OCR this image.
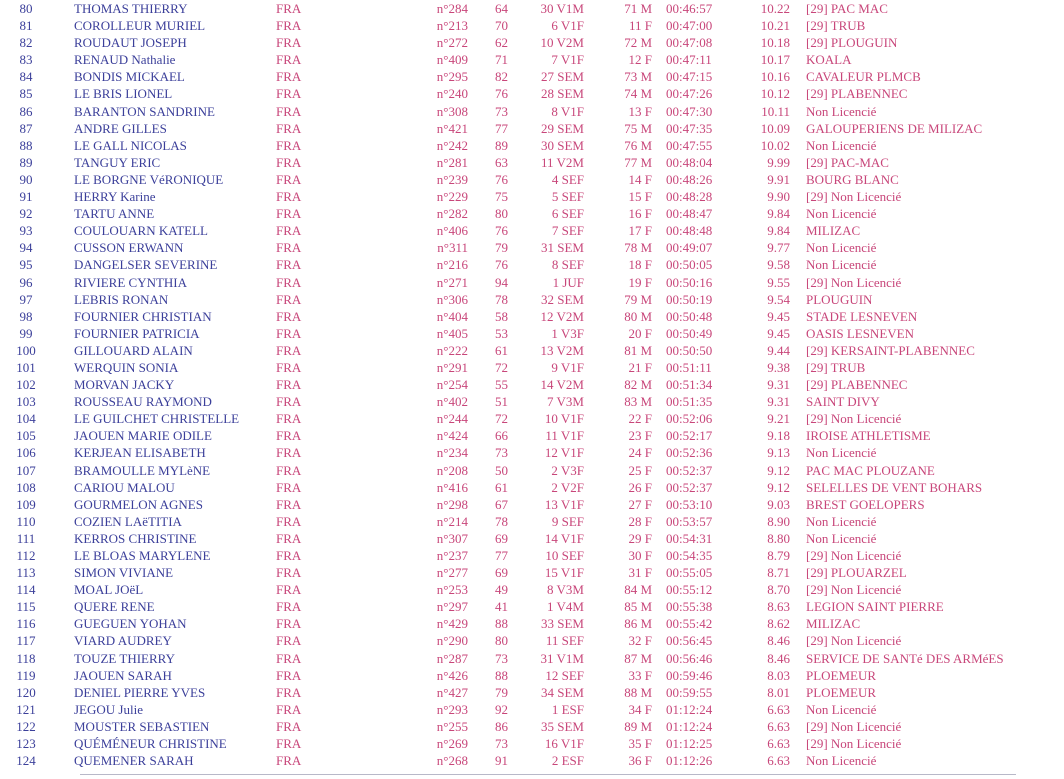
80	THOMAS THIERRY	FRA	n°284	64	30 V1M	71 M 00:46:57	10.22 [29] PAC MAC
81	COROLLEUR MURIEL	FRA	n°213	70	6 V1F	11 F 00:47:00	10.21 [29] TRUB
82	ROUDAUT JOSEPH	FRA	n°272	62	10 V2M	72 M 00:47:08	10.18 [29] PLOUGUIN
83	RENAUD Nathalie	FRA	n°409	71	7 V1F	12 F 00:47:11	10.17 KOALA
84	BONDIS MICKAEL	FRA	n°295	82	27 SEM	73 M 00:47:15	10.16 CAVALEUR PLMCB
85	LE BRIS LIONEL	FRA	n°240	76	28 SEM	74 M 00:47:26	10.12 [29] PLABENNEC
86	BARANTON SANDRINE	FRA	n°308	73	8 V1F	13 F 00:47:30	10.11 Non Licencié
87	ANDRE GILLES	FRA	n°421	77	29 SEM	75 M 00:47:35	10.09 GALOUPERIENS DE MILIZAC
88	LE GALL NICOLAS	FRA	n°242	89	30 SEM	76 M 00:47:55	10.02 Non Licencié
89	TANGUY ERIC	FRA	n°281	63	11 V2M	77 M 00:48:04	9.99 [29] PAC-MAC
90	LE BORGNE VéRONIQUE	FRA	n°239	76	4 SEF	14 F 00:48:26	9.91 BOURG BLANC
91	HERRY Karine	FRA	n°229	75	5 SEF	15 F 00:48:28	9.90 [29] Non Licencié
92	TARTU ANNE	FRA	n°282	80	6 SEF	16 F 00:48:47	9.84 Non Licencié
93	COULOUARN KATELL	FRA	n°406	76	7 SEF	17 F 00:48:48	9.84 MILIZAC
94	CUSSON ERWANN	FRA	n°311	79	31 SEM	78 M 00:49:07	9.77 Non Licencié
95	DANGELSER SEVERINE	FRA	n°216	76	8 SEF	18 F 00:50:05	9.58 Non Licencié
96	RIVIERE CYNTHIA	FRA	n°271	94	1 JUF	19 F 00:50:16	9.55 [29] Non Licencié
97	LEBRIS RONAN	FRA	n°306	78	32 SEM	79 M 00:50:19	9.54 PLOUGUIN
98	FOURNIER CHRISTIAN	FRA	n°404	58	12 V2M	80 M 00:50:48	9.45 STADE LESNEVEN
99	FOURNIER PATRICIA	FRA	n°405	53	1 V3F	20 F 00:50:49	9.45 OASIS LESNEVEN
100	GILLOUARD ALAIN	FRA	n°222	61	13 V2M	81 M 00:50:50	9.44 [29] KERSAINT-PLABENNEC
101	WERQUIN SONIA	FRA	n°291	72	9 V1F	21 F 00:51:11	9.38 [29] TRUB
102	MORVAN JACKY	FRA	n°254	55	14 V2M	82 M 00:51:34	9.31 [29] PLABENNEC
103	ROUSSEAU RAYMOND	FRA	n°402	51	7 V3M	83 M 00:51:35	9.31 SAINT DIVY
104	LE GUILCHET CHRISTELLE	FRA	n°244	72	10 V1F	22 F 00:52:06	9.21 [29] Non Licencié
105	JAOUEN MARIE ODILE	FRA	n°424	66	11 V1F	23 F 00:52:17	9.18 IROISE ATHLETISME
106	KERJEAN ELISABETH	FRA	n°234	73	12 V1F	24 F 00:52:36	9.13 Non Licencié
107	BRAMOULLE MYLèNE	FRA	n°208	50	2 V3F	25 F 00:52:37	9.12 PAC MAC PLOUZANE
108	CARIOU MALOU	FRA	n°416	61	2 V2F	26 F 00:52:37	9.12 SELELLES DE VENT BOHARS
109	GOURMELON AGNES	FRA	n°298	67	13 V1F	27 F 00:53:10	9.03 BREST GOELOPERS
110	COZIEN LAëTITIA	FRA	n°214	78	9 SEF	28 F 00:53:57	8.90 Non Licencié
111	KERROS CHRISTINE	FRA	n°307	69	14 V1F	29 F 00:54:31	8.80 Non Licencié
112	LE BLOAS MARYLENE	FRA	n°237	77	10 SEF	30 F 00:54:35	8.79 [29] Non Licencié
113	SIMON VIVIANE	FRA	n°277	69	15 V1F	31 F 00:55:05	8.71 [29] PLOUARZEL
114	MOAL JOëL	FRA	n°253	49	8 V3M	84 M 00:55:12	8.70 [29] Non Licencié
115	QUERE RENE	FRA	n°297	41	1 V4M	85 M 00:55:38	8.63 LEGION SAINT PIERRE
116	GUEGUEN YOHAN	FRA	n°429	88	33 SEM	86 M 00:55:42	8.62 MILIZAC
117	VIARD AUDREY	FRA	n°290	80	11 SEF	32 F 00:56:45	8.46 [29] Non Licencié
118	TOUZE THIERRY	FRA	n°287	73	31 V1M	87 M 00:56:46	8.46 SERVICE DE SANTé DES ARMéES
119	JAOUEN SARAH	FRA	n°426	88	12 SEF	33 F 00:59:46	8.03 PLOEMEUR
120	DENIEL PIERRE YVES	FRA	n°427	79	34 SEM	88 M 00:59:55	8.01 PLOEMEUR
121	JEGOU Julie	FRA	n°293	92	1 ESF	34 F 01:12:24	6.63 Non Licencié
122	MOUSTER SEBASTIEN	FRA	n°255	86	35 SEM	89 M 01:12:24	6.63 [29] Non Licencié
123	QUÉMÉNEUR CHRISTINE	FRA	n°269	73	16 V1F	35 F 01:12:25	6.63 [29] Non Licencié
124	QUEMENER SARAH	FRA	n°268	91	2 ESF	36 F 01:12:26	6.63 Non Licencié
